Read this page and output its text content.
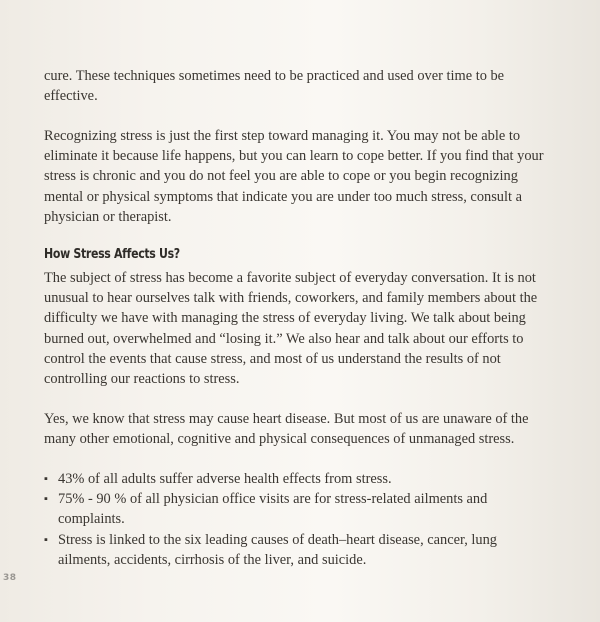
cure. These techniques sometimes need to be practiced and used over time to be effective.

Recognizing stress is just the first step toward managing it. You may not be able to eliminate it because life happens, but you can learn to cope better. If you find that your stress is chronic and you do not feel you are able to cope or you begin recognizing mental or physical symptoms that indicate you are under too much stress, consult a physician or therapist.

How Stress Affects Us?

The subject of stress has become a favorite subject of everyday conversation. It is not unusual to hear ourselves talk with friends, coworkers, and family members about the difficulty we have with managing the stress of everyday living. We talk about being burned out, overwhelmed and “losing it.” We also hear and talk about our efforts to control the events that cause stress, and most of us understand the results of not controlling our reactions to stress.

Yes, we know that stress may cause heart disease. But most of us are unaware of the many other emotional, cognitive and physical consequences of unmanaged stress.

▪ 43% of all adults suffer adverse health effects from stress.
▪ 75% - 90 % of all physician office visits are for stress-related ailments and complaints.
▪ Stress is linked to the six leading causes of death–heart disease, cancer, lung ailments, accidents, cirrhosis of the liver, and suicide.
38
